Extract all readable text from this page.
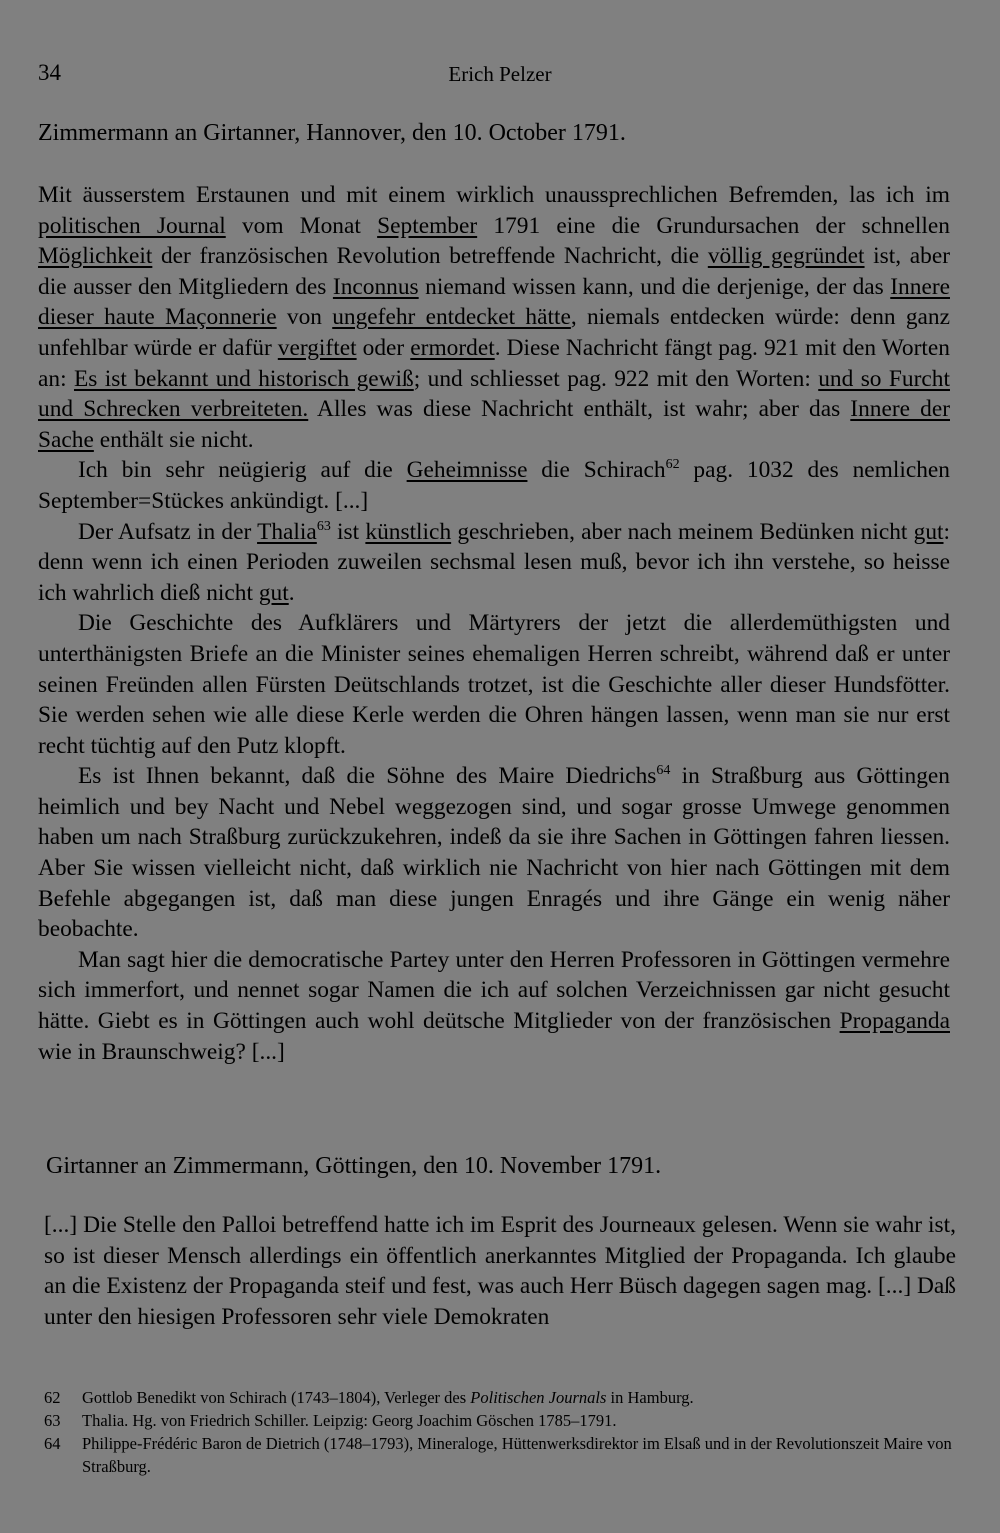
34	Erich Pelzer
Zimmermann an Girtanner, Hannover, den 10. October 1791.

Mit äusserstem Erstaunen und mit einem wirklich unaussprechlichen Befremden, las ich im politischen Journal vom Monat September 1791 eine die Grundursachen der schnellen Möglichkeit der französischen Revolution betreffende Nachricht, die völlig gegründet ist, aber die ausser den Mitgliedern des Inconnus niemand wissen kann, und die derjenige, der das Innere dieser haute Maçonnerie von ungefehr entdecket hätte, niemals entdecken würde: denn ganz unfehlbar würde er dafür vergiftet oder ermordet. Diese Nachricht fängt pag. 921 mit den Worten an: Es ist bekannt und historisch gewiß; und schliesset pag. 922 mit den Worten: und so Furcht und Schrecken verbreiteten. Alles was diese Nachricht enthält, ist wahr; aber das Innere der Sache enthält sie nicht.

Ich bin sehr neügierig auf die Geheimnisse die Schirach$^{62}$ pag. 1032 des nemlichen September=Stückes ankündigt. [...]

Der Aufsatz in der Thalia$^{63}$ ist künstlich geschrieben, aber nach meinem Bedünken nicht gut: denn wenn ich einen Perioden zuweilen sechsmal lesen muß, bevor ich ihn verstehe, so heisse ich wahrlich dieß nicht gut.

Die Geschichte des Aufklärers und Märtyrers der jetzt die allerdemüthigsten und unterthänigsten Briefe an die Minister seines ehemaligen Herren schreibt, während daß er unter seinen Freünden allen Fürsten Deütschlands trotzet, ist die Geschichte aller dieser Hundsfötter. Sie werden sehen wie alle diese Kerle werden die Ohren hängen lassen, wenn man sie nur erst recht tüchtig auf den Putz klopft.

Es ist Ihnen bekannt, daß die Söhne des Maire Diedrichs$^{64}$ in Straßburg aus Göttingen heimlich und bey Nacht und Nebel weggezogen sind, und sogar grosse Umwege genommen haben um nach Straßburg zurückzukehren, indeß da sie ihre Sachen in Göttingen fahren liessen. Aber Sie wissen vielleicht nicht, daß wirklich nie Nachricht von hier nach Göttingen mit dem Befehle abgegangen ist, daß man diese jungen Enragés und ihre Gänge ein wenig näher beobachte.

Man sagt hier die democratische Partey unter den Herren Professoren in Göttingen vermehre sich immerfort, und nennet sogar Namen die ich auf solchen Verzeichnissen gar nicht gesucht hätte. Giebt es in Göttingen auch wohl deütsche Mitglieder von der französischen Propaganda wie in Braunschweig? [...]

Girtanner an Zimmermann, Göttingen, den 10. November 1791.

[...] Die Stelle den Palloi betreffend hatte ich im Esprit des Journeaux gelesen. Wenn sie wahr ist, so ist dieser Mensch allerdings ein öffentlich anerkanntes Mitglied der Propaganda. Ich glaube an die Existenz der Propaganda steif und fest, was auch Herr Büsch dagegen sagen mag. [...] Daß unter den hiesigen Professoren sehr viele Demokraten

62	Gottlob Benedikt von Schirach (1743–1804), Verleger des Politischen Journals in Hamburg.
63	Thalia. Hg. von Friedrich Schiller. Leipzig: Georg Joachim Göschen 1785–1791.
64	Philippe-Frédéric Baron de Dietrich (1748–1793), Mineraloge, Hüttenwerksdirektor im Elsaß und in der Revolutionszeit Maire von Straßburg.
